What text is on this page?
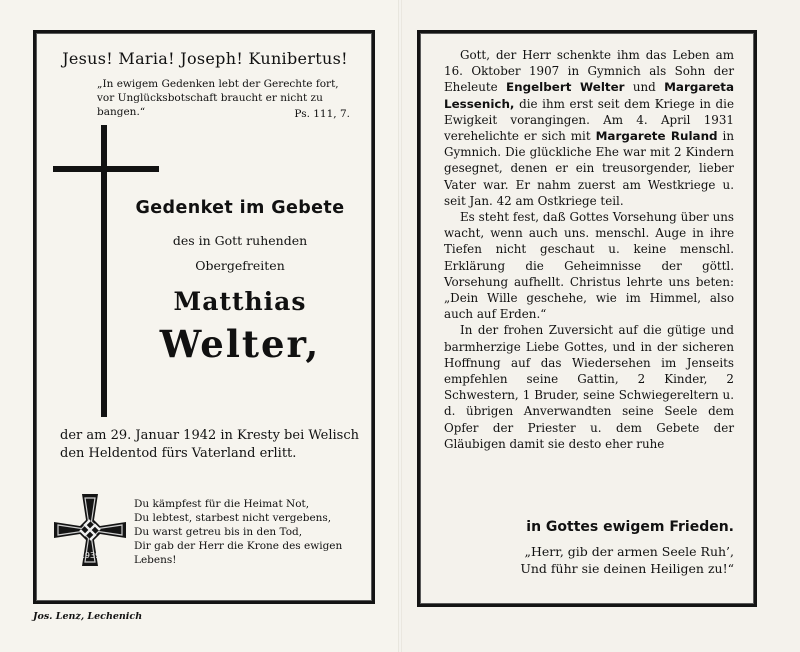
Jesus! Maria! Joseph! Kunibertus!
„In ewigem Gedenken lebt der Gerechte fort, vor Unglücksbotschaft braucht er nicht zu bangen.“	Ps. 111, 7.
Gedenket im Gebete
des in Gott ruhenden
Obergefreiten
Matthias
Welter,
der am 29. Januar 1942 in Kresty bei Welisch den Heldentod fürs Vaterland erlitt.
1939
Du kämpfest für die Heimat Not,
Du lebtest, starbest nicht vergebens,
Du warst getreu bis in den Tod,
Dir gab der Herr die Krone des ewigen Lebens!
Jos. Lenz, Lechenich

Gott, der Herr schenkte ihm das Leben am 16. Oktober 1907 in Gymnich als Sohn der Eheleute Engelbert Welter und Margareta Lessenich, die ihm erst seit dem Kriege in die Ewigkeit vorangingen. Am 4. April 1931 verehelichte er sich mit Margarete Ruland in Gymnich. Die glückliche Ehe war mit 2 Kindern gesegnet, denen er ein treusorgender, lieber Vater war. Er nahm zuerst am Westkriege u. seit Jan. 42 am Ostkriege teil.

Es steht fest, daß Gottes Vorsehung über uns wacht, wenn auch uns. menschl. Auge in ihre Tiefen nicht geschaut u. keine menschl. Erklärung die Geheimnisse der göttl. Vorsehung aufhellt. Christus lehrte uns beten: „Dein Wille geschehe, wie im Himmel, also auch auf Erden.“

In der frohen Zuversicht auf die gütige und barmherzige Liebe Gottes, und in der sicheren Hoffnung auf das Wiedersehen im Jenseits empfehlen seine Gattin, 2 Kinder, 2 Schwestern, 1 Bruder, seine Schwiegereltern u. d. übrigen Anverwandten seine Seele dem Opfer der Priester u. dem Gebete der Gläubigen damit sie desto eher ruhe

in Gottes ewigem Frieden.
„Herr, gib der armen Seele Ruh’,
Und führ sie deinen Heiligen zu!“
